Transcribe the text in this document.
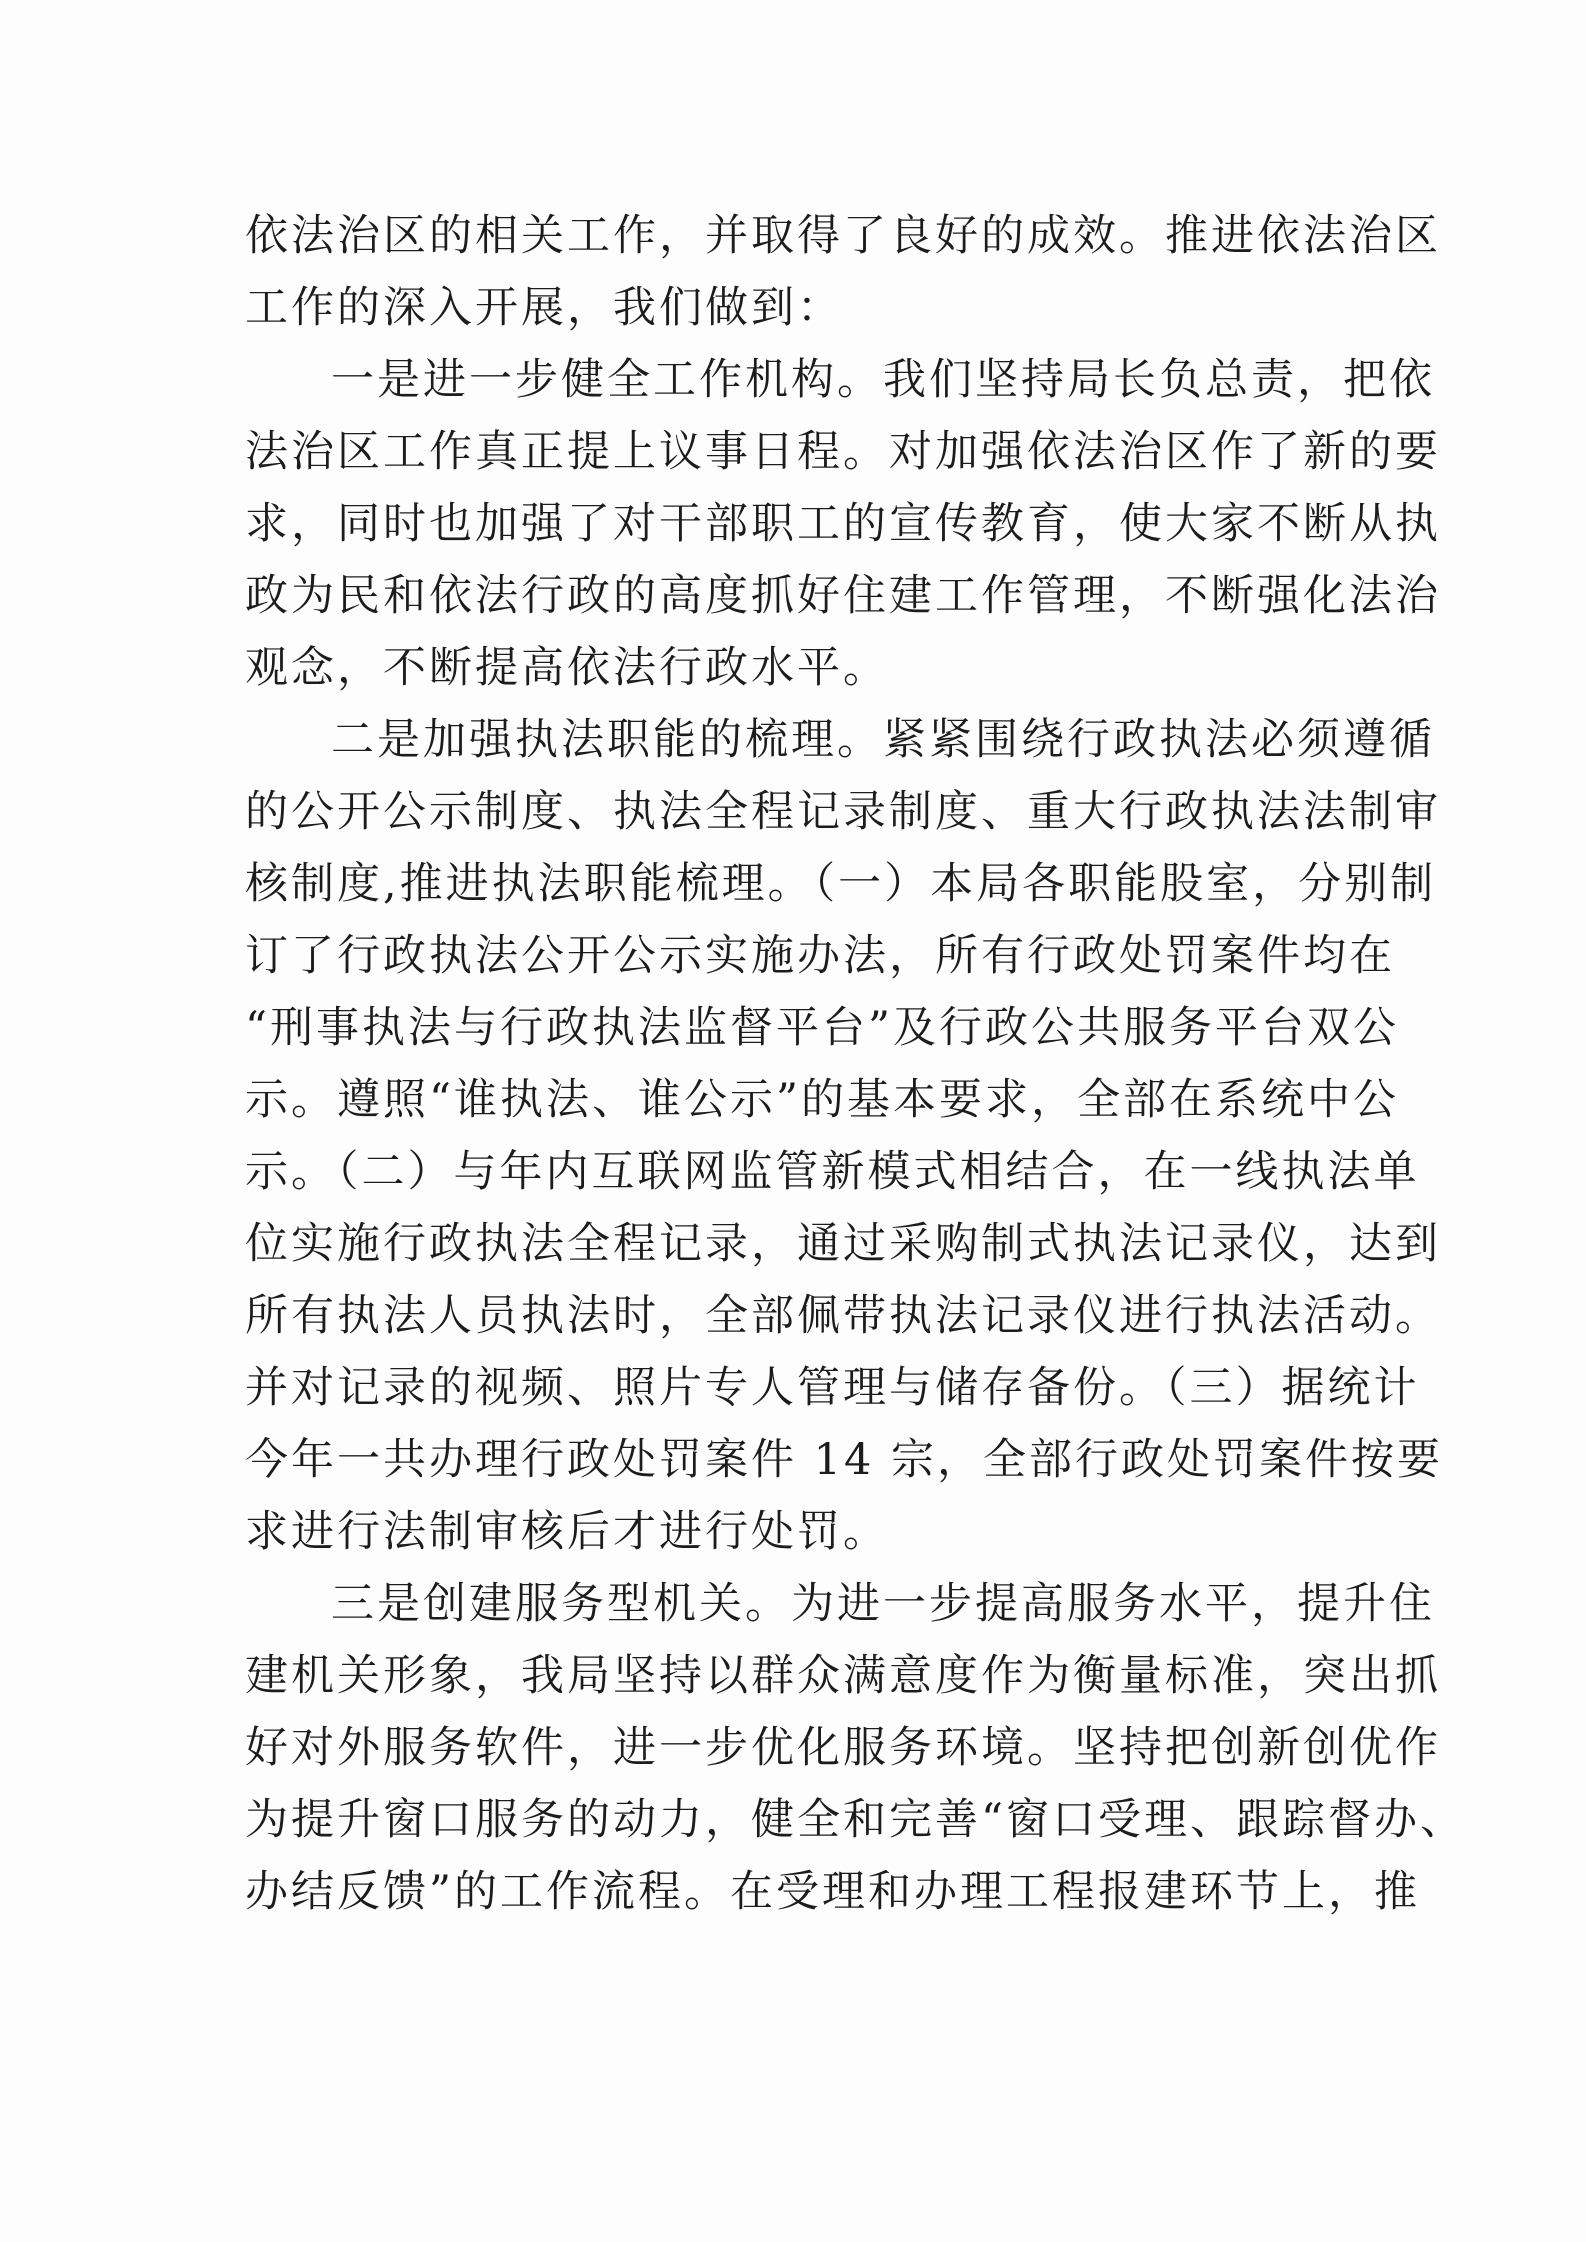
依法治区的相关工作，并取得了良好的成效。推进依法治区
工作的深入开展，我们做到：
一是进一步健全工作机构。我们坚持局长负总责，把依
法治区工作真正提上议事日程。对加强依法治区作了新的要
求，同时也加强了对干部职工的宣传教育，使大家不断从执
政为民和依法行政的高度抓好住建工作管理，不断强化法治
观念，不断提高依法行政水平。
二是加强执法职能的梳理。紧紧围绕行政执法必须遵循
的公开公示制度、执法全程记录制度、重大行政执法法制审
核制度,推进执法职能梳理。（一）本局各职能股室，分别制
订了行政执法公开公示实施办法，所有行政处罚案件均在
“刑事执法与行政执法监督平台”及行政公共服务平台双公
示。遵照“谁执法、谁公示”的基本要求，全部在系统中公
示。（二）与年内互联网监管新模式相结合，在一线执法单
位实施行政执法全程记录，通过采购制式执法记录仪，达到
所有执法人员执法时，全部佩带执法记录仪进行执法活动。
并对记录的视频、照片专人管理与储存备份。（三）据统计
今年一共办理行政处罚案件 14 宗，全部行政处罚案件按要
求进行法制审核后才进行处罚。
三是创建服务型机关。为进一步提高服务水平，提升住
建机关形象，我局坚持以群众满意度作为衡量标准，突出抓
好对外服务软件，进一步优化服务环境。坚持把创新创优作
为提升窗口服务的动力，健全和完善“窗口受理、跟踪督办、
办结反馈”的工作流程。在受理和办理工程报建环节上，推
